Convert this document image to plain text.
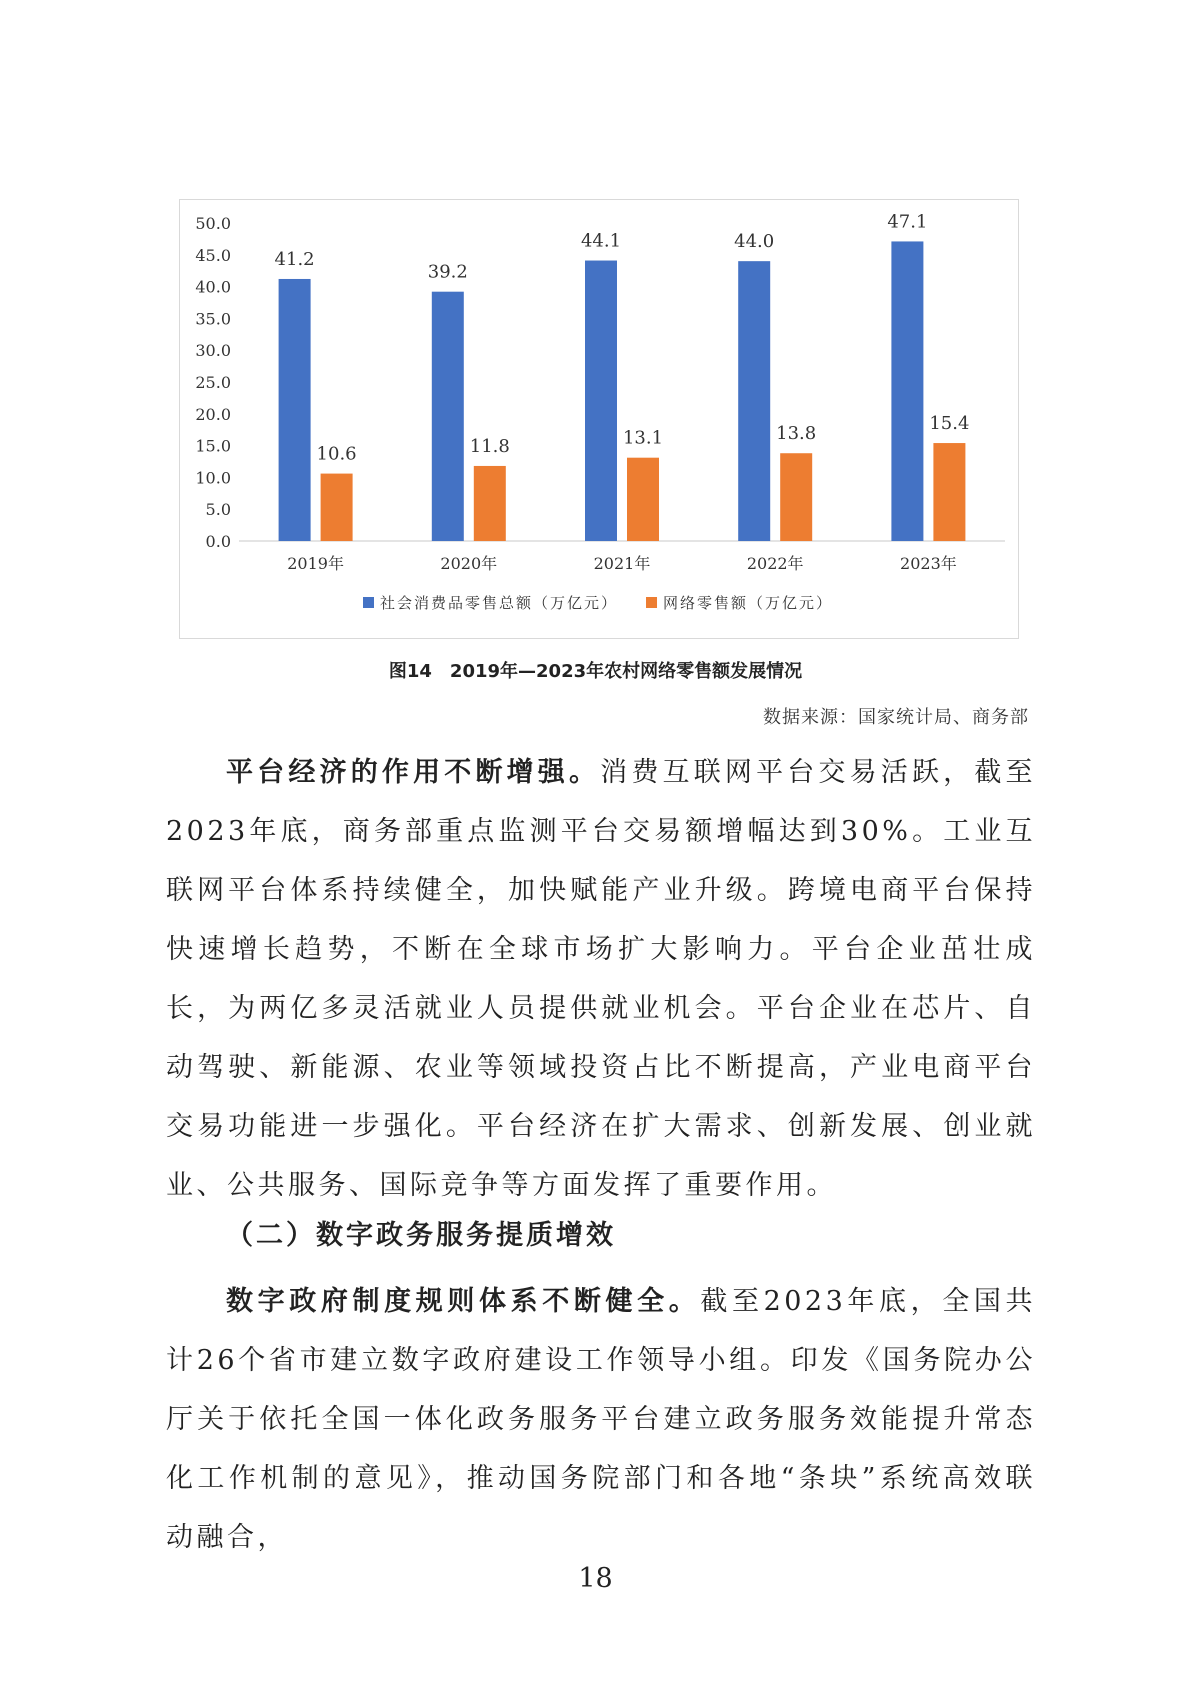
0.0
5.0
10.0
15.0
20.0
25.0
30.0
35.0
40.0
45.0
50.0
41.2
10.6
2019年
39.2
11.8
2020年
44.1
13.1
2021年
44.0
13.8
2022年
47.1
15.4
2023年
社会消费品零售总额（万亿元）	网络零售额（万亿元）
图14　2019年—2023年农村网络零售额发展情况
数据来源：国家统计局、商务部

平台经济的作用不断增强。消费互联网平台交易活跃，截至2023年底，商务部重点监测平台交易额增幅达到30%。工业互联网平台体系持续健全，加快赋能产业升级。跨境电商平台保持快速增长趋势，不断在全球市场扩大影响力。平台企业茁壮成长，为两亿多灵活就业人员提供就业机会。平台企业在芯片、自动驾驶、新能源、农业等领域投资占比不断提高，产业电商平台交易功能进一步强化。平台经济在扩大需求、创新发展、创业就业、公共服务、国际竞争等方面发挥了重要作用。

（二）数字政务服务提质增效

数字政府制度规则体系不断健全。截至2023年底，全国共计26个省市建立数字政府建设工作领导小组。印发《国务院办公厅关于依托全国一体化政务服务平台建立政务服务效能提升常态化工作机制的意见》，推动国务院部门和各地“条块”系统高效联动融合，

18
